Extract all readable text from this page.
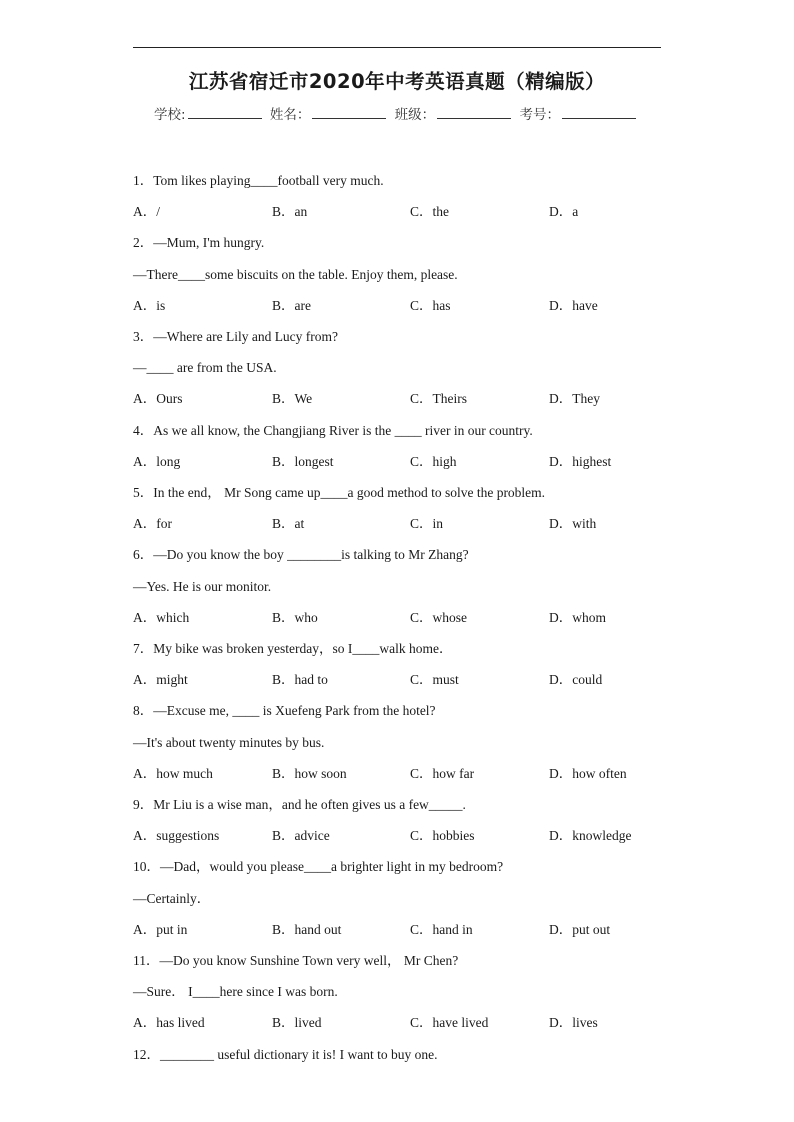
江苏省宿迁市2020年中考英语真题（精编版）
学校:	姓名：	班级：	考号：
1．Tom likes playing____football very much.
A．/	B．an	C．the	D．a
2．—Mum, I'm hungry.
—There____some biscuits on the table. Enjoy them, please.
A．is	B．are	C．has	D．have
3．—Where are Lily and Lucy from?
—____ are from the USA.
A．Ours	B．We	C．Theirs	D．They
4．As we all know, the Changjiang River is the ____ river in our country.
A．long	B．longest	C．high	D．highest
5．In the end， Mr Song came up____a good method to solve the problem.
A．for	B．at	C．in	D．with
6．—Do you know the boy ________is talking to Mr Zhang?
—Yes. He is our monitor.
A．which	B．who	C．whose	D．whom
7．My bike was broken yesterday，so I____walk home．
A．might	B．had to	C．must	D．could
8．—Excuse me, ____ is Xuefeng Park from the hotel?
—It's about twenty minutes by bus.
A．how much	B．how soon	C．how far	D．how often
9．Mr Liu is a wise man，and he often gives us a few_____.
A．suggestions	B．advice	C．hobbies	D．knowledge
10．—Dad，would you please____a brighter light in my bedroom?
—Certainly．
A．put in	B．hand out	C．hand in	D．put out
11．—Do you know Sunshine Town very well， Mr Chen?
—Sure． I____here since I was born.
A．has lived	B．lived	C．have lived	D．lives
12．________ useful dictionary it is! I want to buy one.
